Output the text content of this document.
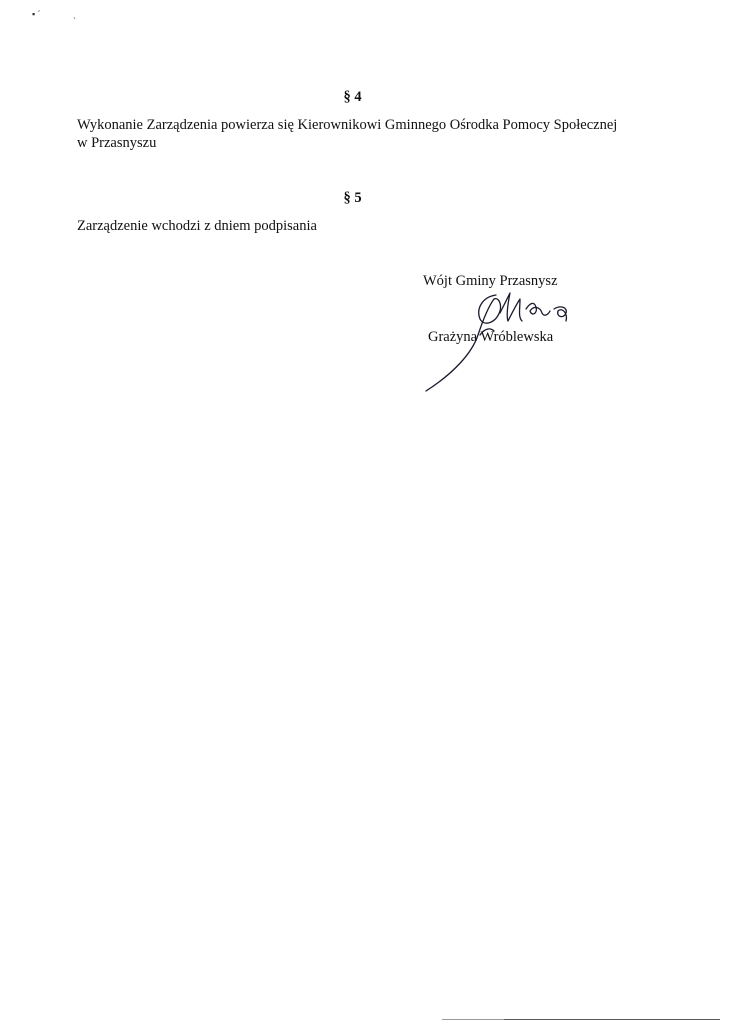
▪ ˊ	˴
§ 4
Wykonanie Zarządzenia powierza się Kierownikowi Gminnego Ośrodka Pomocy Społecznej
w Przasnyszu
§ 5
Zarządzenie wchodzi z dniem podpisania
Wójt Gminy Przasnysz
Grażyna Wróblewska
